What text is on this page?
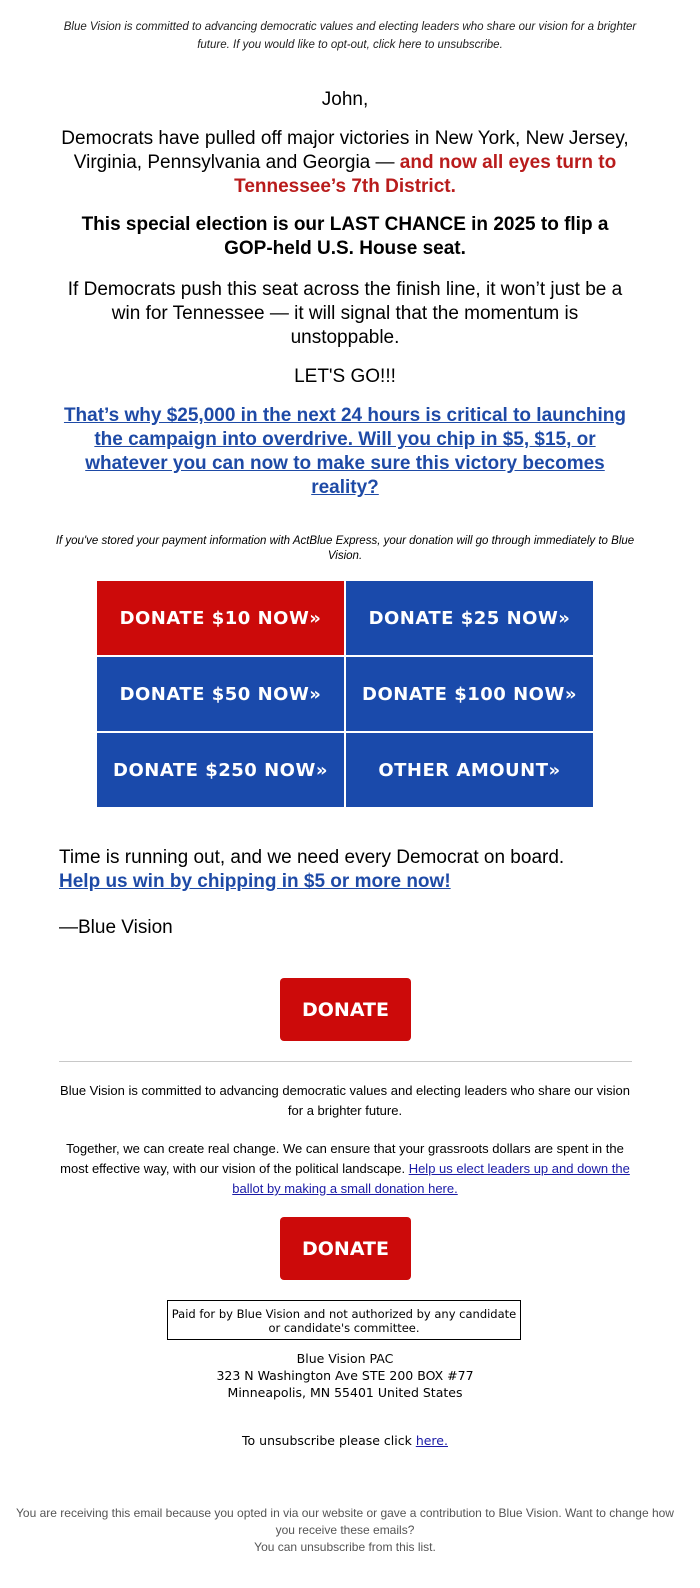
Blue Vision is committed to advancing democratic values and electing leaders who share our vision for a brighter future. If you would like to opt-out, click here to unsubscribe.
John,
Democrats have pulled off major victories in New York, New Jersey, Virginia, Pennsylvania and Georgia — and now all eyes turn to Tennessee’s 7th District.
This special election is our LAST CHANCE in 2025 to flip a GOP-held U.S. House seat.
If Democrats push this seat across the finish line, it won’t just be a win for Tennessee — it will signal that the momentum is unstoppable.
LET'S GO!!!
That’s why $25,000 in the next 24 hours is critical to launching the campaign into overdrive. Will you chip in $5, $15, or whatever you can now to make sure this victory becomes reality?
If you've stored your payment information with ActBlue Express, your donation will go through immediately to Blue Vision.
DONATE $10 NOW»	DONATE $25 NOW»
DONATE $50 NOW»	DONATE $100 NOW»
DONATE $250 NOW»	OTHER AMOUNT»
Time is running out, and we need every Democrat on board.
Help us win by chipping in $5 or more now!
—Blue Vision
DONATE
Blue Vision is committed to advancing democratic values and electing leaders who share our vision for a brighter future.
Together, we can create real change. We can ensure that your grassroots dollars are spent in the most effective way, with our vision of the political landscape. Help us elect leaders up and down the ballot by making a small donation here.
DONATE
Paid for by Blue Vision and not authorized by any candidate or candidate's committee.
Blue Vision PAC
323 N Washington Ave STE 200 BOX #77
Minneapolis, MN 55401 United States
To unsubscribe please click here.
You are receiving this email because you opted in via our website or gave a contribution to Blue Vision. Want to change how you receive these emails?
You can unsubscribe from this list.
